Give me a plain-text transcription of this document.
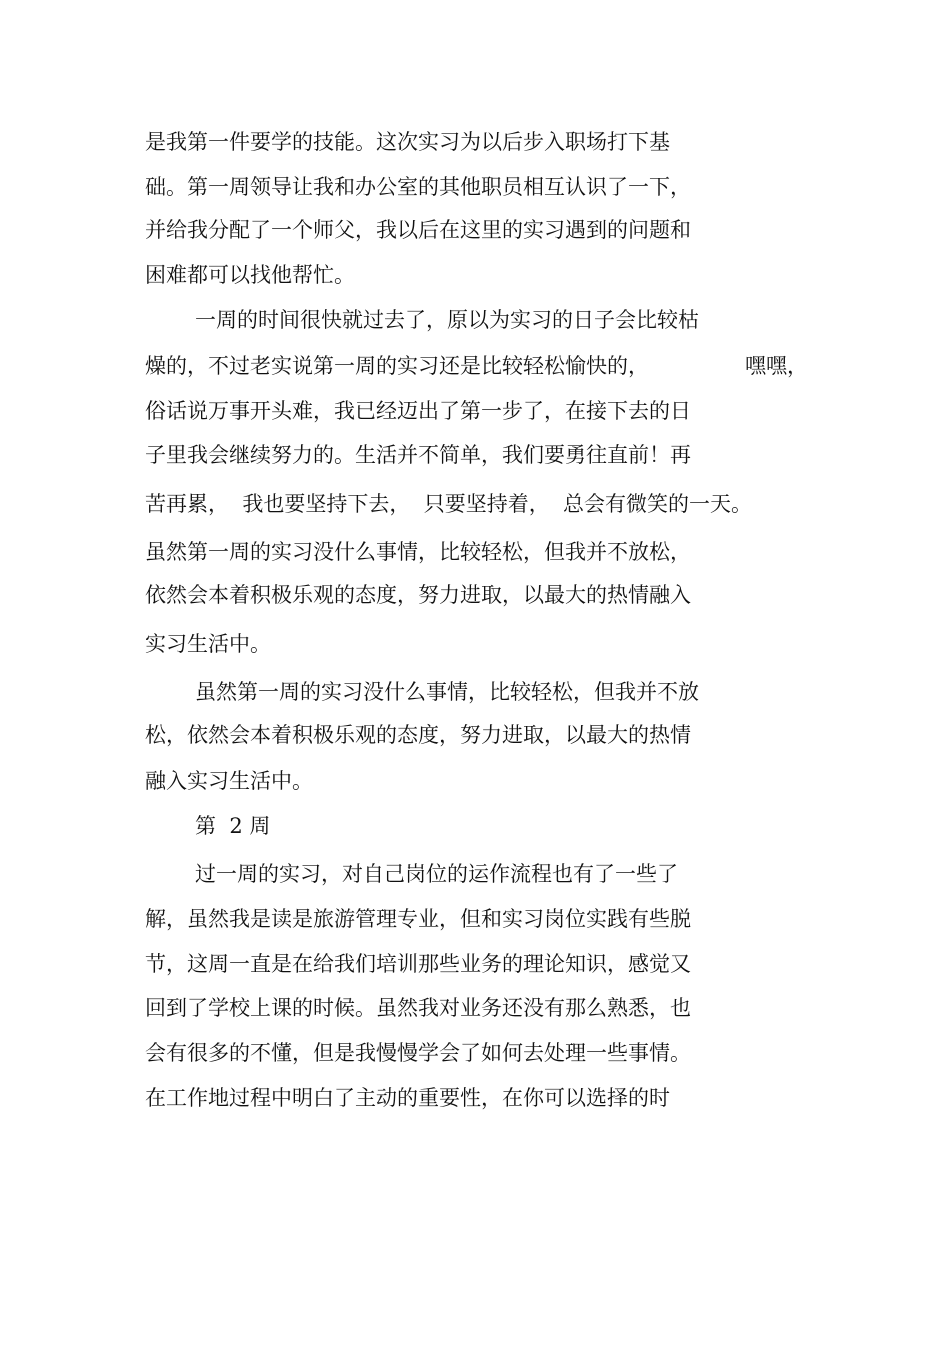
是我第一件要学的技能。这次实习为以后步入职场打下基
础。第一周领导让我和办公室的其他职员相互认识了一下，
并给我分配了一个师父，我以后在这里的实习遇到的问题和
困难都可以找他帮忙。
一周的时间很快就过去了，原以为实习的日子会比较枯
燥的，不过老实说第一周的实习还是比较轻松愉快的，	嘿嘿，
俗话说万事开头难，我已经迈出了第一步了，在接下去的日
子里我会继续努力的。生活并不简单，我们要勇往直前！再
苦再累，  我也要坚持下去，  只要坚持着，  总会有微笑的一天。
虽然第一周的实习没什么事情，比较轻松，但我并不放松，
依然会本着积极乐观的态度，努力进取，以最大的热情融入
实习生活中。
虽然第一周的实习没什么事情，比较轻松，但我并不放
松，依然会本着积极乐观的态度，努力进取，以最大的热情
融入实习生活中。
第  2 周
过一周的实习，对自己岗位的运作流程也有了一些了
解，虽然我是读是旅游管理专业，但和实习岗位实践有些脱
节，这周一直是在给我们培训那些业务的理论知识，感觉又
回到了学校上课的时候。虽然我对业务还没有那么熟悉，也
会有很多的不懂，但是我慢慢学会了如何去处理一些事情。
在工作地过程中明白了主动的重要性，在你可以选择的时
